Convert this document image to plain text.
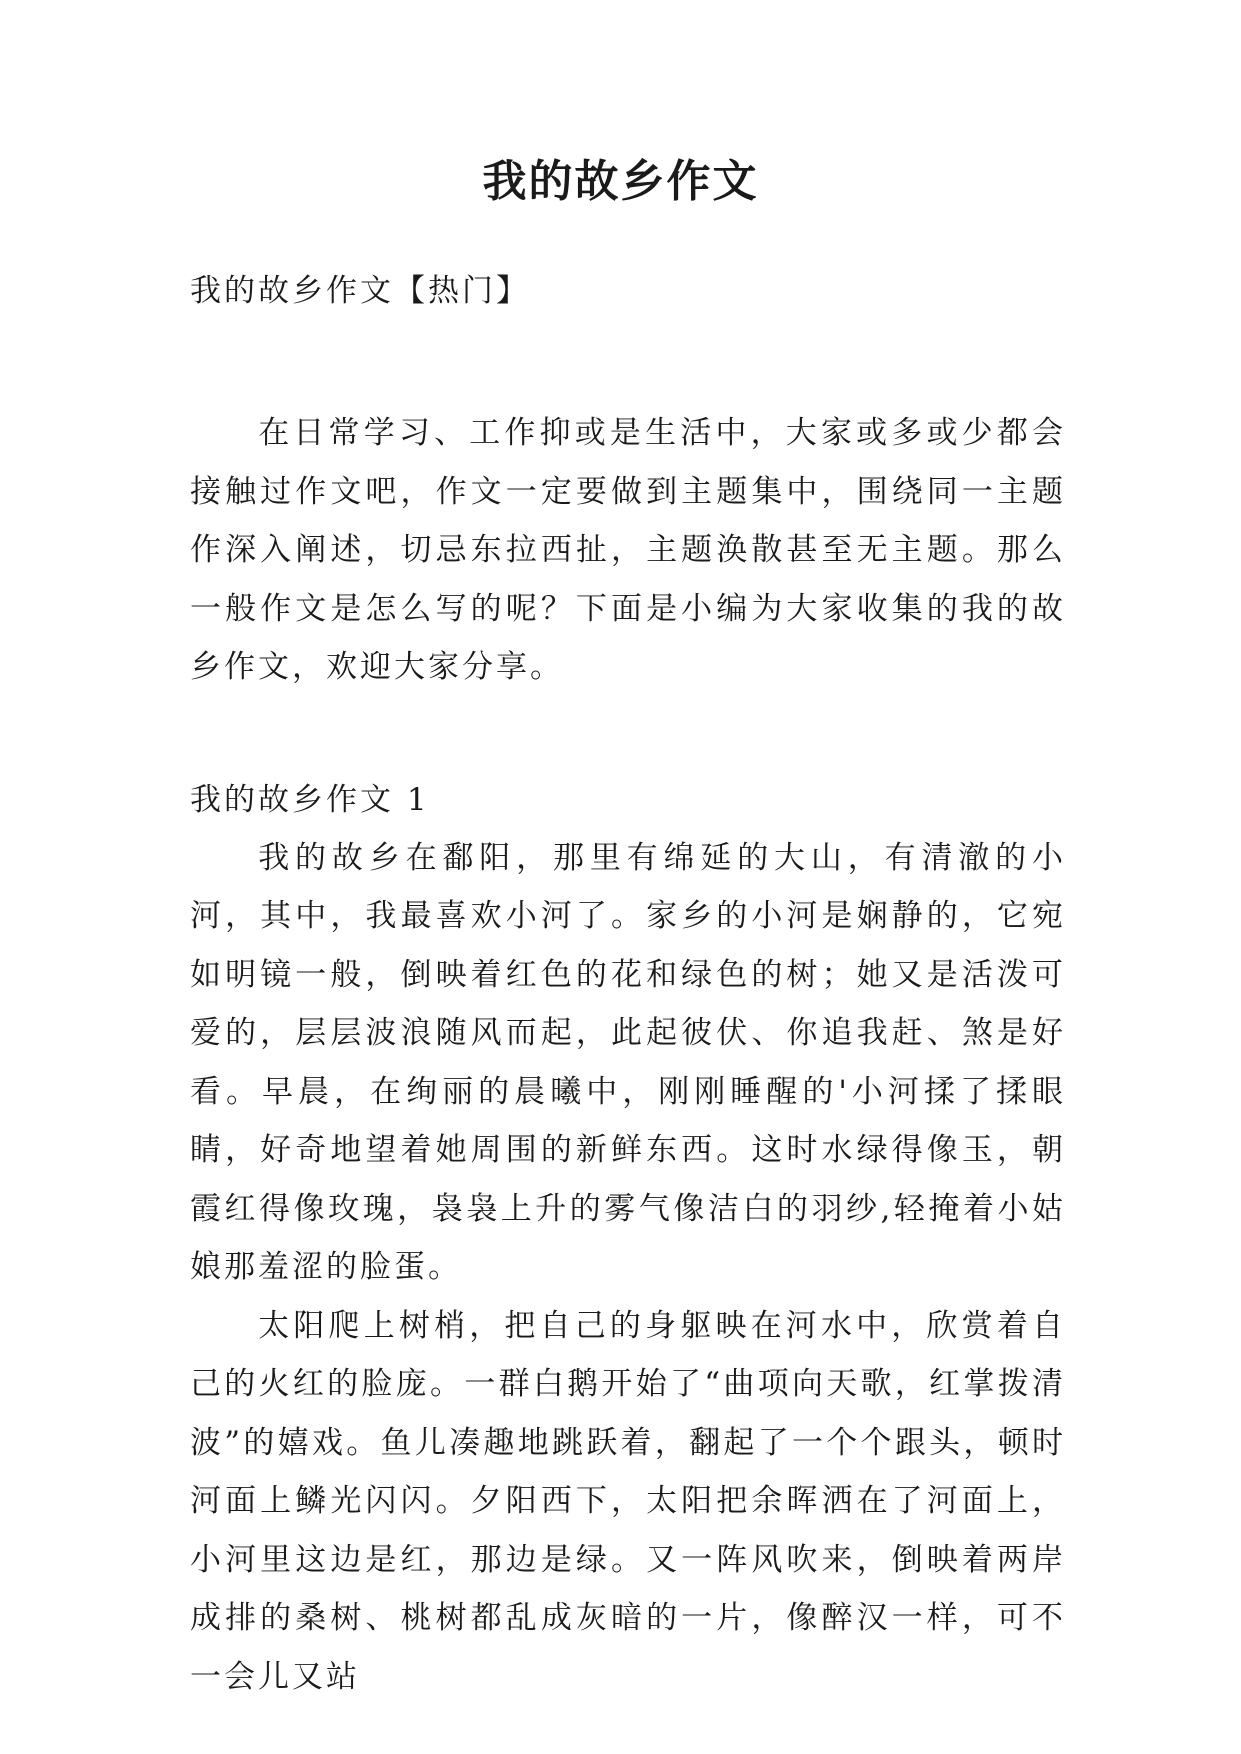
我的故乡作文

我的故乡作文【热门】

在日常学习、工作抑或是生活中，大家或多或少都会接触过作文吧，作文一定要做到主题集中，围绕同一主题作深入阐述，切忌东拉西扯，主题涣散甚至无主题。那么一般作文是怎么写的呢？下面是小编为大家收集的我的故乡作文，欢迎大家分享。

我的故乡作文 1

我的故乡在鄱阳，那里有绵延的大山，有清澈的小河，其中，我最喜欢小河了。家乡的小河是娴静的，它宛如明镜一般，倒映着红色的花和绿色的树；她又是活泼可爱的，层层波浪随风而起，此起彼伏、你追我赶、煞是好看。早晨，在绚丽的晨曦中，刚刚睡醒的'小河揉了揉眼睛，好奇地望着她周围的新鲜东西。这时水绿得像玉，朝霞红得像玫瑰，袅袅上升的雾气像洁白的羽纱,轻掩着小姑娘那羞涩的脸蛋。

太阳爬上树梢，把自己的身躯映在河水中，欣赏着自己的火红的脸庞。一群白鹅开始了“曲项向天歌，红掌拨清波”的嬉戏。鱼儿凑趣地跳跃着，翻起了一个个跟头，顿时河面上鳞光闪闪。夕阳西下，太阳把余晖洒在了河面上，小河里这边是红，那边是绿。又一阵风吹来，倒映着两岸成排的桑树、桃树都乱成灰暗的一片，像醉汉一样，可不一会儿又站
